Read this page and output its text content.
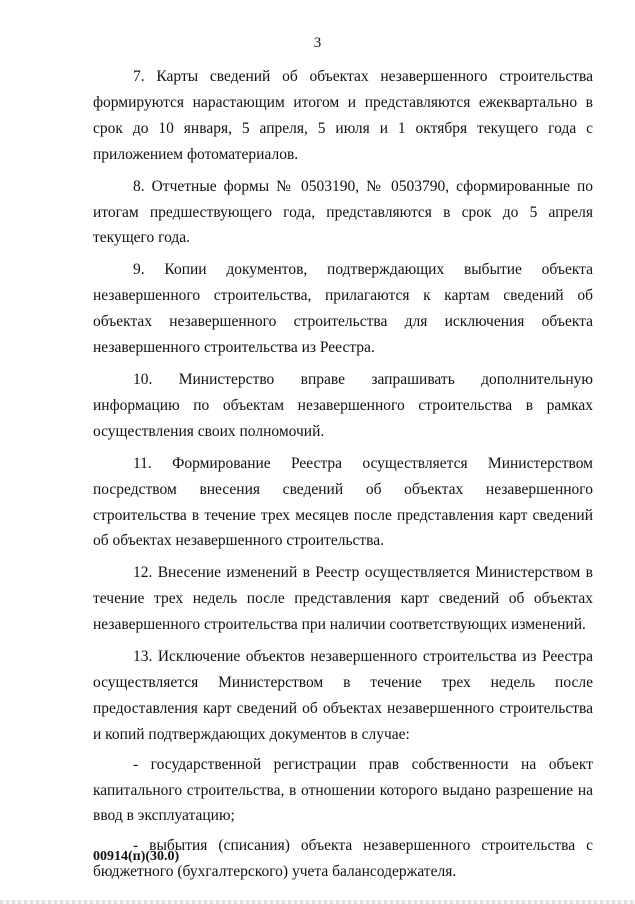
3

7. Карты сведений об объектах незавершенного строительства формируются нарастающим итогом и представляются ежеквартально в срок до 10 января, 5 апреля, 5 июля и 1 октября текущего года с приложением фотоматериалов.

8. Отчетные формы № 0503190, № 0503790, сформированные по итогам предшествующего года, представляются в срок до 5 апреля текущего года.

9. Копии документов, подтверждающих выбытие объекта незавершенного строительства, прилагаются к картам сведений об объектах незавершенного строительства для исключения объекта незавершенного строительства из Реестра.

10. Министерство вправе запрашивать дополнительную информацию по объектам незавершенного строительства в рамках осуществления своих полномочий.

11. Формирование Реестра осуществляется Министерством посредством внесения сведений об объектах незавершенного строительства в течение трех месяцев после представления карт сведений об объектах незавершенного строительства.

12. Внесение изменений в Реестр осуществляется Министерством в течение трех недель после представления карт сведений об объектах незавершенного строительства при наличии соответствующих изменений.

13. Исключение объектов незавершенного строительства из Реестра осуществляется Министерством в течение трех недель после предоставления карт сведений об объектах незавершенного строительства и копий подтверждающих документов в случае:

- государственной регистрации прав собственности на объект капитального строительства, в отношении которого выдано разрешение на ввод в эксплуатацию;

- выбытия (списания) объекта незавершенного строительства с бюджетного (бухгалтерского) учета балансодержателя.

00914(п)(30.0)
